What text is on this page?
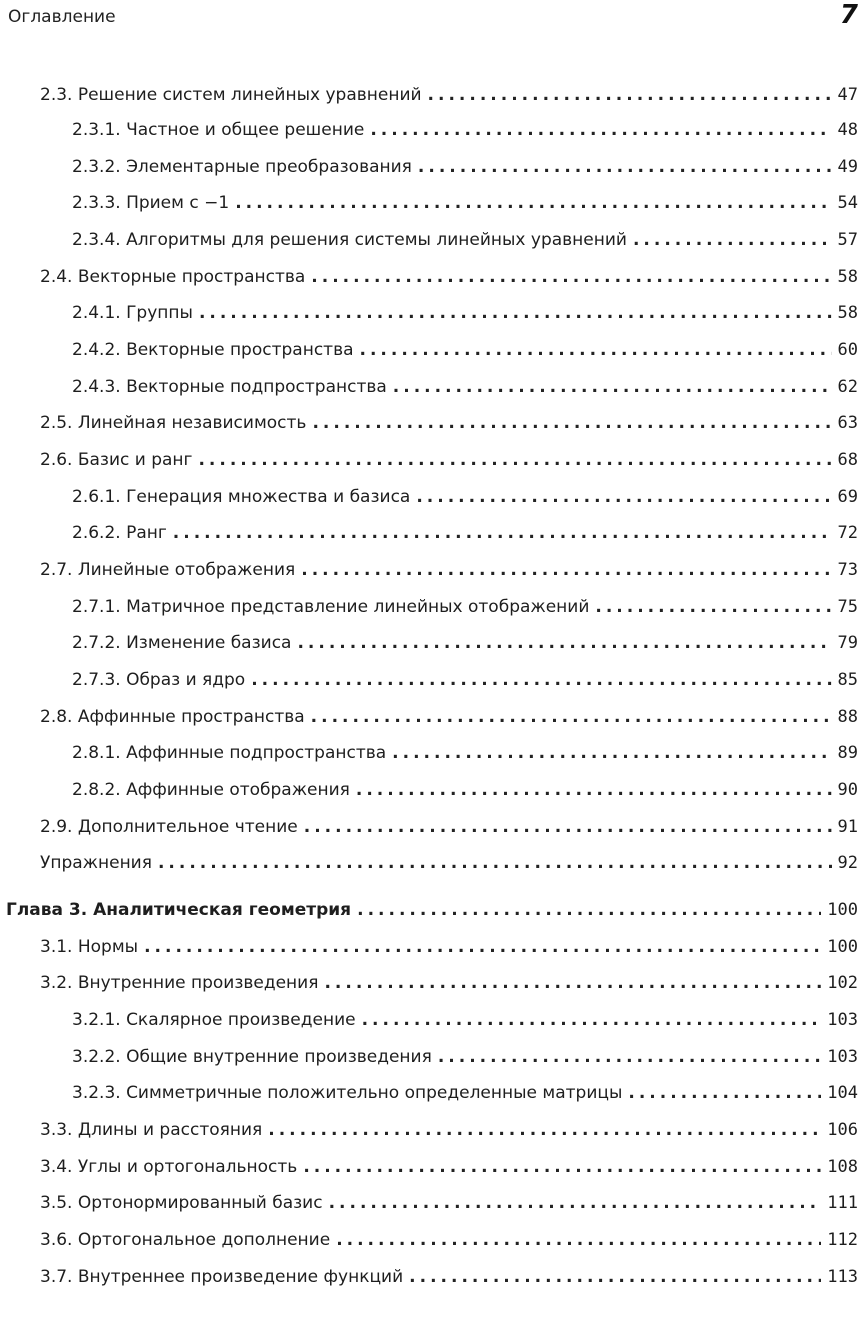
Оглавление	7
2.3. Решение систем линейных уравнений .....	47
2.3.1. Частное и общее решение .....	48
2.3.2. Элементарные преобразования .....	49
2.3.3. Прием с −1 .....	54
2.3.4. Алгоритмы для решения системы линейных уравнений .....	57
2.4. Векторные пространства .....	58
2.4.1. Группы .....	58
2.4.2. Векторные пространства .....	60
2.4.3. Векторные подпространства .....	62
2.5. Линейная независимость .....	63
2.6. Базис и ранг .....	68
2.6.1. Генерация множества и базиса .....	69
2.6.2. Ранг .....	72
2.7. Линейные отображения .....	73
2.7.1. Матричное представление линейных отображений .....	75
2.7.2. Изменение базиса .....	79
2.7.3. Образ и ядро .....	85
2.8. Аффинные пространства .....	88
2.8.1. Аффинные подпространства .....	89
2.8.2. Аффинные отображения .....	90
2.9. Дополнительное чтение .....	91
Упражнения .....	92
Глава 3. Аналитическая геометрия .....	100
3.1. Нормы .....	100
3.2. Внутренние произведения .....	102
3.2.1. Скалярное произведение .....	103
3.2.2. Общие внутренние произведения .....	103
3.2.3. Симметричные положительно определенные матрицы .....	104
3.3. Длины и расстояния .....	106
3.4. Углы и ортогональность .....	108
3.5. Ортонормированный базис .....	111
3.6. Ортогональное дополнение .....	112
3.7. Внутреннее произведение функций .....	113
